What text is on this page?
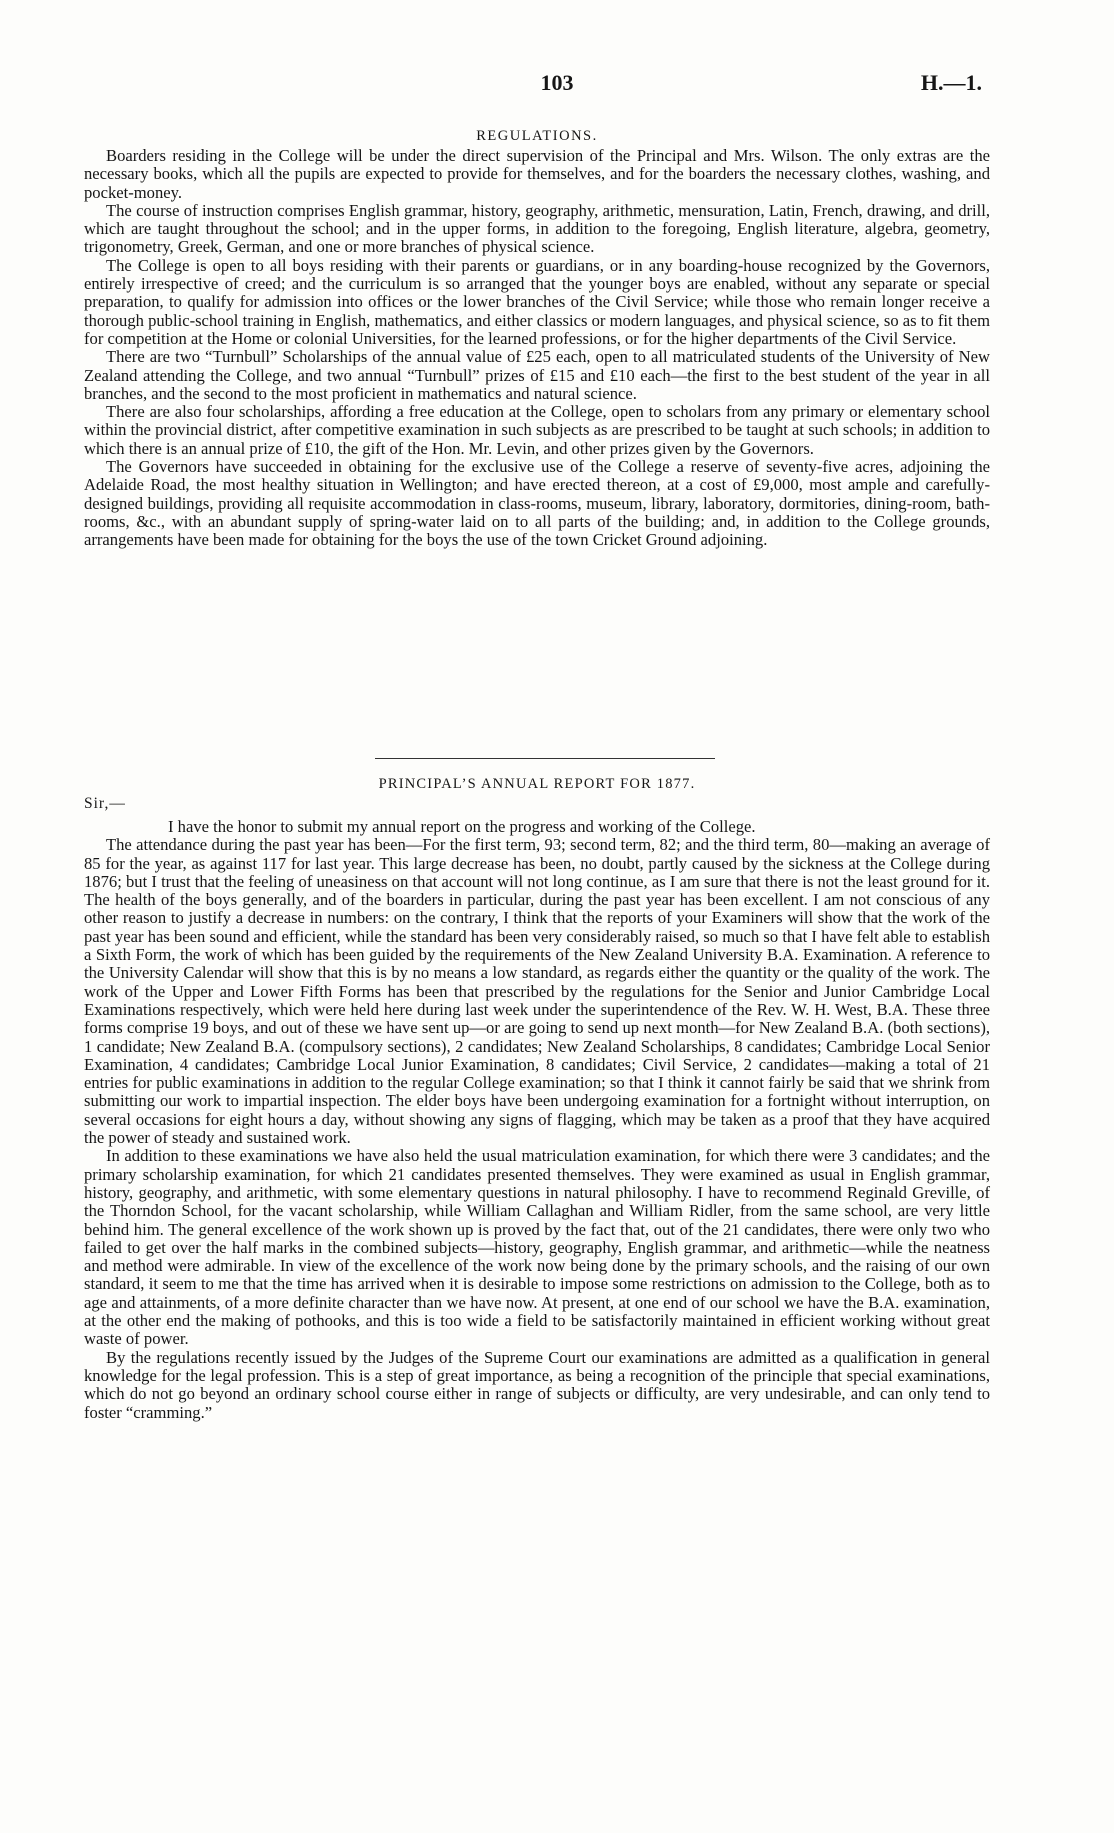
103	H.—1.
REGULATIONS.

Boarders residing in the College will be under the direct supervision of the Principal and Mrs. Wilson. The only extras are the necessary books, which all the pupils are expected to provide for themselves, and for the boarders the necessary clothes, washing, and pocket-money.

The course of instruction comprises English grammar, history, geography, arithmetic, mensuration, Latin, French, drawing, and drill, which are taught throughout the school; and in the upper forms, in addition to the foregoing, English literature, algebra, geometry, trigonometry, Greek, German, and one or more branches of physical science.

The College is open to all boys residing with their parents or guardians, or in any boarding-house recognized by the Governors, entirely irrespective of creed; and the curriculum is so arranged that the younger boys are enabled, without any separate or special preparation, to qualify for admission into offices or the lower branches of the Civil Service; while those who remain longer receive a thorough public-school training in English, mathematics, and either classics or modern languages, and physical science, so as to fit them for competition at the Home or colonial Universities, for the learned professions, or for the higher departments of the Civil Service.

There are two “Turnbull” Scholarships of the annual value of £25 each, open to all matriculated students of the University of New Zealand attending the College, and two annual “Turnbull” prizes of £15 and £10 each—the first to the best student of the year in all branches, and the second to the most proficient in mathematics and natural science.

There are also four scholarships, affording a free education at the College, open to scholars from any primary or elementary school within the provincial district, after competitive examination in such subjects as are prescribed to be taught at such schools; in addition to which there is an annual prize of £10, the gift of the Hon. Mr. Levin, and other prizes given by the Governors.

The Governors have succeeded in obtaining for the exclusive use of the College a reserve of seventy-five acres, adjoining the Adelaide Road, the most healthy situation in Wellington; and have erected thereon, at a cost of £9,000, most ample and carefully-designed buildings, providing all requisite accommodation in class-rooms, museum, library, laboratory, dormitories, dining-room, bath-rooms, &c., with an abundant supply of spring-water laid on to all parts of the building; and, in addition to the College grounds, arrangements have been made for obtaining for the boys the use of the town Cricket Ground adjoining.

PRINCIPAL’S ANNUAL REPORT FOR 1877.
Sir,—

I have the honor to submit my annual report on the progress and working of the College.

The attendance during the past year has been—For the first term, 93; second term, 82; and the third term, 80—making an average of 85 for the year, as against 117 for last year. This large decrease has been, no doubt, partly caused by the sickness at the College during 1876; but I trust that the feeling of uneasiness on that account will not long continue, as I am sure that there is not the least ground for it. The health of the boys generally, and of the boarders in particular, during the past year has been excellent. I am not conscious of any other reason to justify a decrease in numbers: on the contrary, I think that the reports of your Examiners will show that the work of the past year has been sound and efficient, while the standard has been very considerably raised, so much so that I have felt able to establish a Sixth Form, the work of which has been guided by the requirements of the New Zealand University B.A. Examination. A reference to the University Calendar will show that this is by no means a low standard, as regards either the quantity or the quality of the work. The work of the Upper and Lower Fifth Forms has been that prescribed by the regulations for the Senior and Junior Cambridge Local Examinations respectively, which were held here during last week under the superintendence of the Rev. W. H. West, B.A. These three forms comprise 19 boys, and out of these we have sent up—or are going to send up next month—for New Zealand B.A. (both sections), 1 candidate; New Zealand B.A. (compulsory sections), 2 candidates; New Zealand Scholarships, 8 candidates; Cambridge Local Senior Examination, 4 candidates; Cambridge Local Junior Examination, 8 candidates; Civil Service, 2 candidates—making a total of 21 entries for public examinations in addition to the regular College examination; so that I think it cannot fairly be said that we shrink from submitting our work to impartial inspection. The elder boys have been undergoing examination for a fortnight without interruption, on several occasions for eight hours a day, without showing any signs of flagging, which may be taken as a proof that they have acquired the power of steady and sustained work.

In addition to these examinations we have also held the usual matriculation examination, for which there were 3 candidates; and the primary scholarship examination, for which 21 candidates presented themselves. They were examined as usual in English grammar, history, geography, and arithmetic, with some elementary questions in natural philosophy. I have to recommend Reginald Greville, of the Thorndon School, for the vacant scholarship, while William Callaghan and William Ridler, from the same school, are very little behind him. The general excellence of the work shown up is proved by the fact that, out of the 21 candidates, there were only two who failed to get over the half marks in the combined subjects—history, geography, English grammar, and arithmetic—while the neatness and method were admirable. In view of the excellence of the work now being done by the primary schools, and the raising of our own standard, it seem to me that the time has arrived when it is desirable to impose some restrictions on admission to the College, both as to age and attainments, of a more definite character than we have now. At present, at one end of our school we have the B.A. examination, at the other end the making of pothooks, and this is too wide a field to be satisfactorily maintained in efficient working without great waste of power.

By the regulations recently issued by the Judges of the Supreme Court our examinations are admitted as a qualification in general knowledge for the legal profession. This is a step of great importance, as being a recognition of the principle that special examinations, which do not go beyond an ordinary school course either in range of subjects or difficulty, are very undesirable, and can only tend to foster “cramming.”
